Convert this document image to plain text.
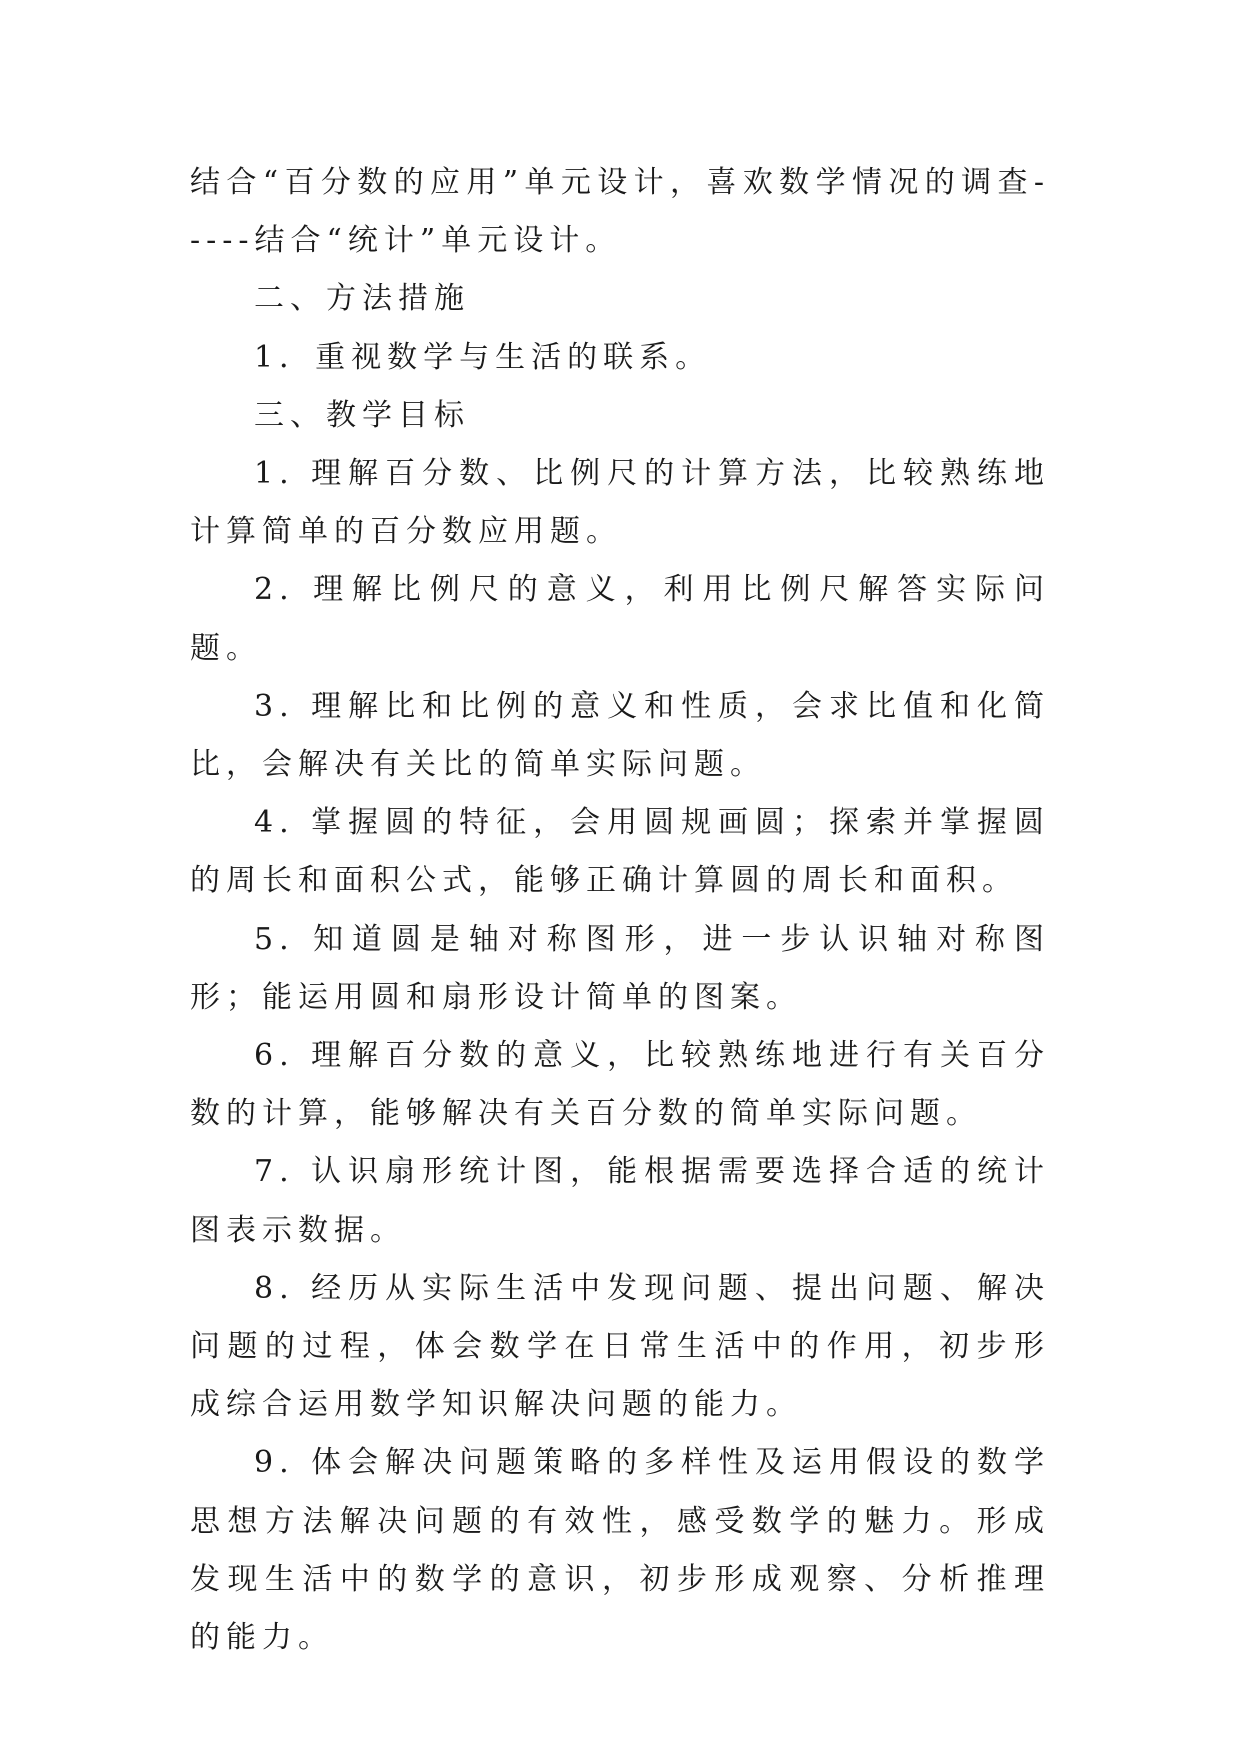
结合“百分数的应用”单元设计，喜欢数学情况的调查-----结合“统计”单元设计。

二、方法措施

1．重视数学与生活的联系。

三、教学目标

1. 理解百分数、比例尺的计算方法，比较熟练地计算简单的百分数应用题。

2. 理解比例尺的意义，利用比例尺解答实际问题。

3. 理解比和比例的意义和性质，会求比值和化简比，会解决有关比的简单实际问题。

4. 掌握圆的特征，会用圆规画圆；探索并掌握圆的周长和面积公式，能够正确计算圆的周长和面积。

5. 知道圆是轴对称图形，进一步认识轴对称图形；能运用圆和扇形设计简单的图案。

6. 理解百分数的意义，比较熟练地进行有关百分数的计算，能够解决有关百分数的简单实际问题。

7. 认识扇形统计图，能根据需要选择合适的统计图表示数据。

8. 经历从实际生活中发现问题、提出问题、解决问题的过程，体会数学在日常生活中的作用，初步形成综合运用数学知识解决问题的能力。

9. 体会解决问题策略的多样性及运用假设的数学思想方法解决问题的有效性，感受数学的魅力。形成发现生活中的数学的意识，初步形成观察、分析推理的能力。
